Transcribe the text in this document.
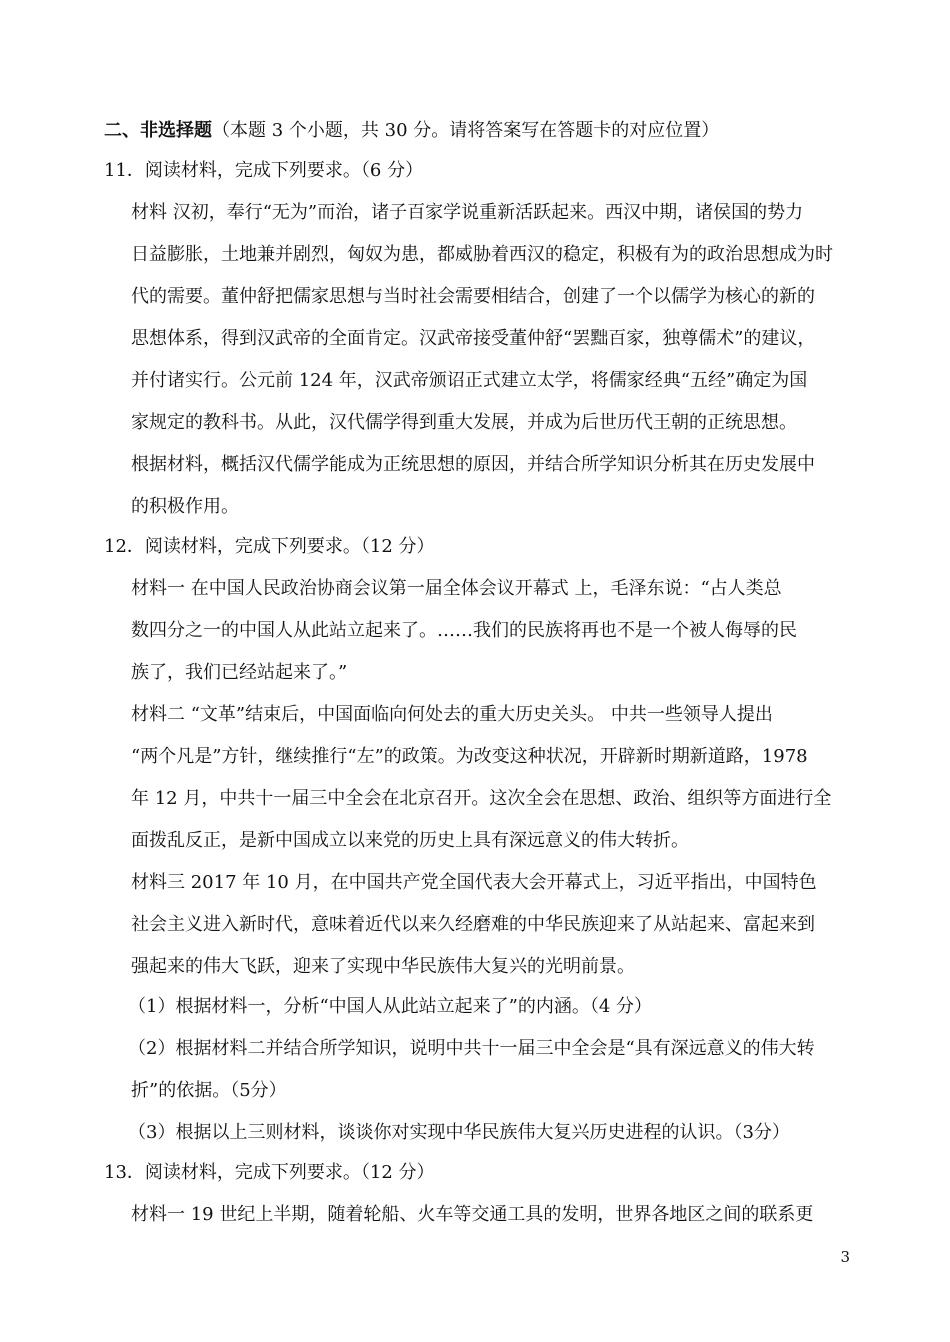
二、非选择题（本题 3 个小题，共 30 分。请将答案写在答题卡的对应位置）
11．阅读材料，完成下列要求。（6 分）
材料 汉初，奉行“无为”而治，诸子百家学说重新活跃起来。西汉中期，诸侯国的势力
日益膨胀，土地兼并剧烈，匈奴为患，都威胁着西汉的稳定，积极有为的政治思想成为时
代的需要。董仲舒把儒家思想与当时社会需要相结合，创建了一个以儒学为核心的新的
思想体系，得到汉武帝的全面肯定。汉武帝接受董仲舒“罢黜百家，独尊儒术”的建议，
并付诸实行。公元前 124 年，汉武帝颁诏正式建立太学，将儒家经典“五经”确定为国
家规定的教科书。从此，汉代儒学得到重大发展，并成为后世历代王朝的正统思想。
根据材料，概括汉代儒学能成为正统思想的原因，并结合所学知识分析其在历史发展中
的积极作用。
12．阅读材料，完成下列要求。（12 分）
材料一 在中国人民政治协商会议第一届全体会议开幕式 上，毛泽东说：“占人类总
数四分之一的中国人从此站立起来了。……我们的民族将再也不是一个被人侮辱的民
族了，我们已经站起来了。”
材料二 “文革”结束后，中国面临向何处去的重大历史关头。 中共一些领导人提出
“两个凡是”方针，继续推行“左”的政策。为改变这种状况，开辟新时期新道路，1978
年 12 月，中共十一届三中全会在北京召开。这次全会在思想、政治、组织等方面进行全
面拨乱反正，是新中国成立以来党的历史上具有深远意义的伟大转折。
材料三 2017 年 10 月，在中国共产党全国代表大会开幕式上，习近平指出，中国特色
社会主义进入新时代，意味着近代以来久经磨难的中华民族迎来了从站起来、富起来到
强起来的伟大飞跃，迎来了实现中华民族伟大复兴的光明前景。
（1）根据材料一，分析“中国人从此站立起来了”的内涵。（4 分）
（2）根据材料二并结合所学知识，说明中共十一届三中全会是“具有深远意义的伟大转
折”的依据。（5分）
（3）根据以上三则材料，谈谈你对实现中华民族伟大复兴历史进程的认识。（3分）
13．阅读材料，完成下列要求。（12 分）
材料一 19 世纪上半期，随着轮船、火车等交通工具的发明，世界各地区之间的联系更
3
